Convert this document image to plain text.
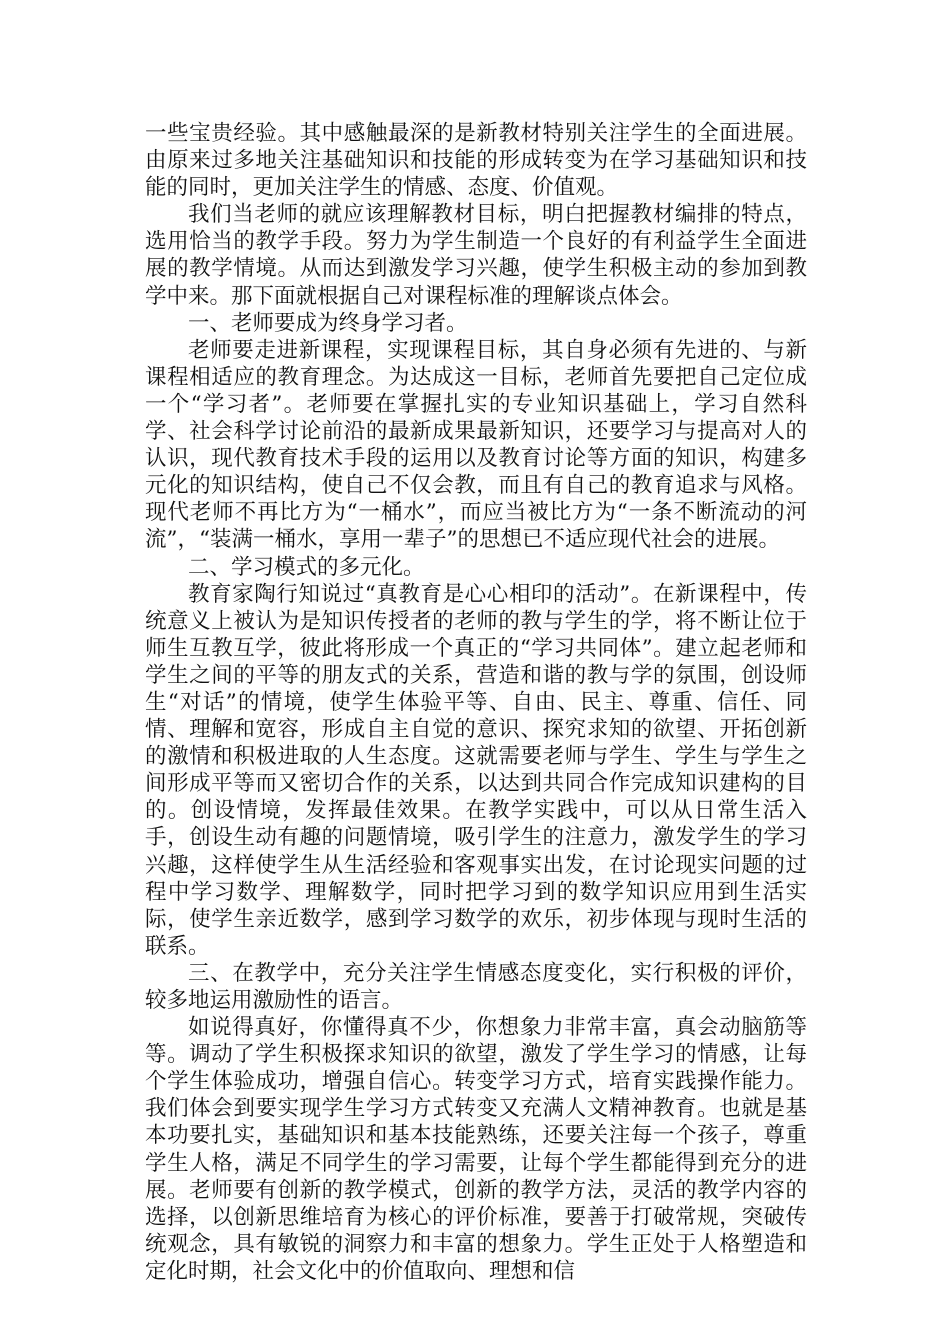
一些宝贵经验。其中感触最深的是新教材特别关注学生的全面进展。由原来过多地关注基础知识和技能的形成转变为在学习基础知识和技能的同时，更加关注学生的情感、态度、价值观。

我们当老师的就应该理解教材目标，明白把握教材编排的特点，选用恰当的教学手段。努力为学生制造一个良好的有利益学生全面进展的教学情境。从而达到激发学习兴趣，使学生积极主动的参加到教学中来。那下面就根据自己对课程标准的理解谈点体会。

一、老师要成为终身学习者。

老师要走进新课程，实现课程目标，其自身必须有先进的、与新课程相适应的教育理念。为达成这一目标，老师首先要把自己定位成一个“学习者”。老师要在掌握扎实的专业知识基础上，学习自然科学、社会科学讨论前沿的最新成果最新知识，还要学习与提高对人的认识，现代教育技术手段的运用以及教育讨论等方面的知识，构建多元化的知识结构，使自己不仅会教，而且有自己的教育追求与风格。现代老师不再比方为“一桶水”，而应当被比方为“一条不断流动的河流”，“装满一桶水，享用一辈子”的思想已不适应现代社会的进展。

二、学习模式的多元化。

教育家陶行知说过“真教育是心心相印的活动”。在新课程中，传统意义上被认为是知识传授者的老师的教与学生的学，将不断让位于师生互教互学，彼此将形成一个真正的“学习共同体”。建立起老师和学生之间的平等的朋友式的关系，营造和谐的教与学的氛围，创设师生“对话”的情境，使学生体验平等、自由、民主、尊重、信任、同情、理解和宽容，形成自主自觉的意识、探究求知的欲望、开拓创新的激情和积极进取的人生态度。这就需要老师与学生、学生与学生之间形成平等而又密切合作的关系，以达到共同合作完成知识建构的目的。创设情境，发挥最佳效果。在教学实践中，可以从日常生活入手，创设生动有趣的问题情境，吸引学生的注意力，激发学生的学习兴趣，这样使学生从生活经验和客观事实出发，在讨论现实问题的过程中学习数学、理解数学，同时把学习到的数学知识应用到生活实际，使学生亲近数学，感到学习数学的欢乐，初步体现与现时生活的联系。

三、在教学中，充分关注学生情感态度变化，实行积极的评价，较多地运用激励性的语言。

如说得真好，你懂得真不少，你想象力非常丰富，真会动脑筋等等。调动了学生积极探求知识的欲望，激发了学生学习的情感，让每个学生体验成功，增强自信心。转变学习方式，培育实践操作能力。我们体会到要实现学生学习方式转变又充满人文精神教育。也就是基本功要扎实，基础知识和基本技能熟练，还要关注每一个孩子，尊重学生人格，满足不同学生的学习需要，让每个学生都能得到充分的进展。老师要有创新的教学模式，创新的教学方法，灵活的教学内容的选择，以创新思维培育为核心的评价标准，要善于打破常规，突破传统观念，具有敏锐的洞察力和丰富的想象力。学生正处于人格塑造和定化时期，社会文化中的价值取向、理想和信
